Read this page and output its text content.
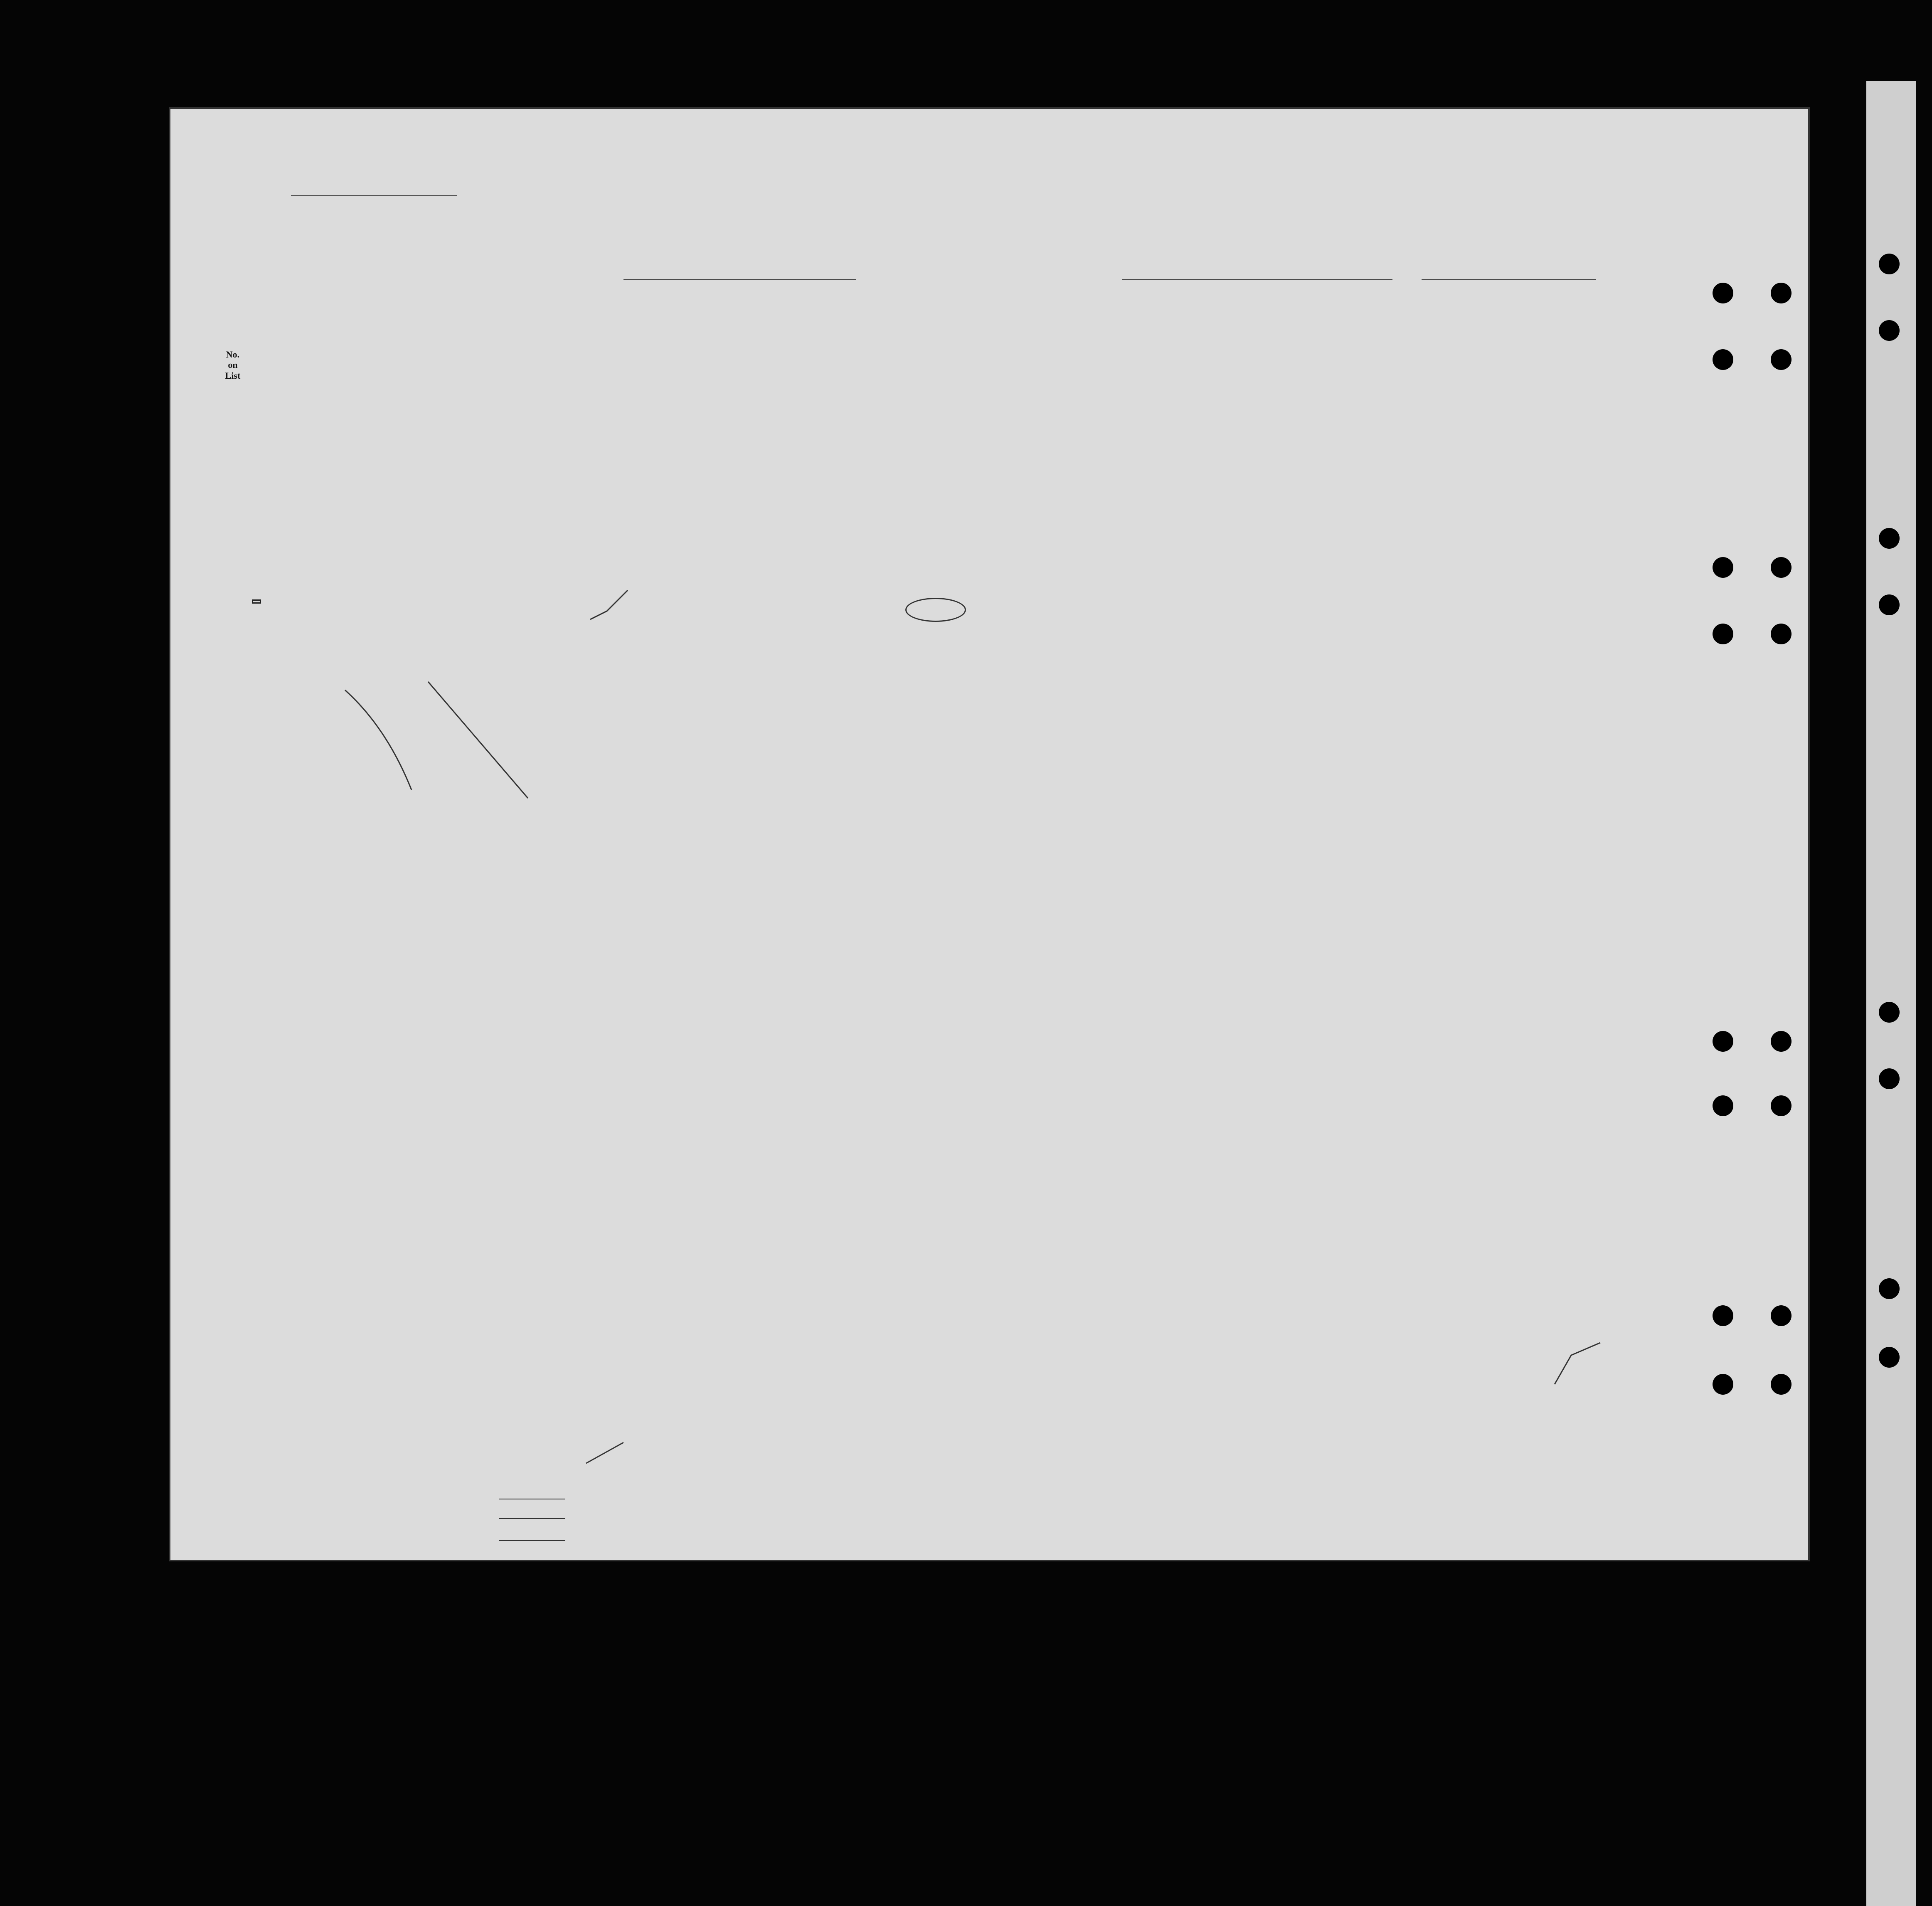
No.
on
List
